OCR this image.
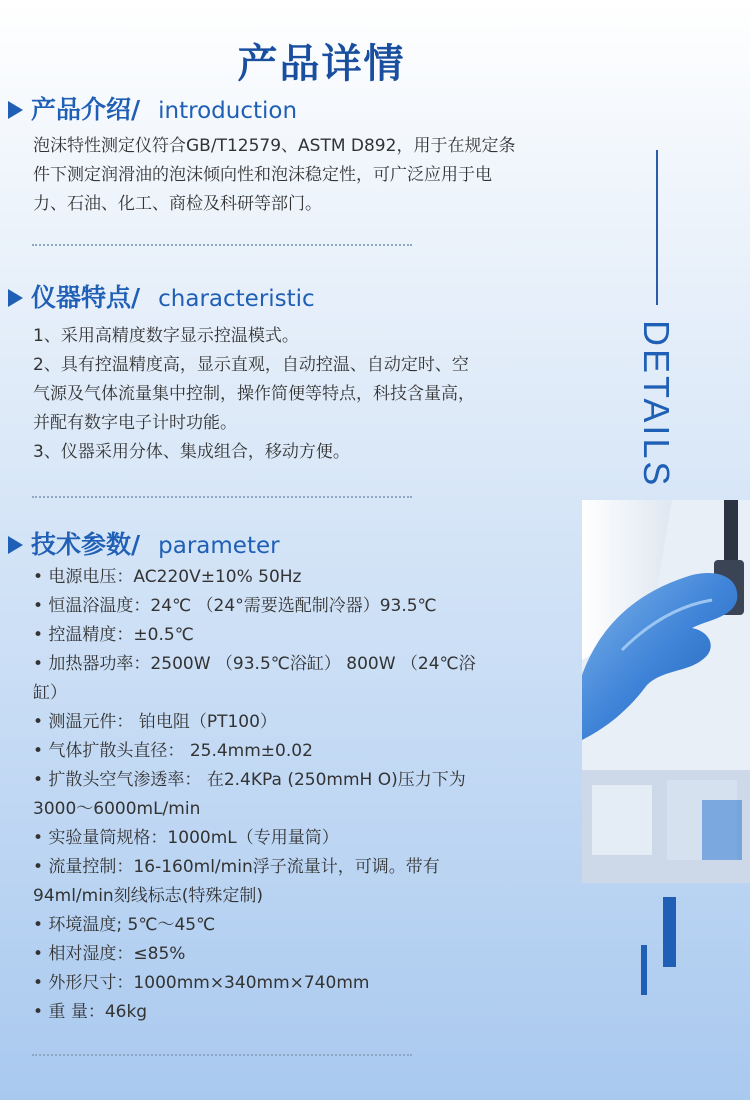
产品详情
产品介绍/ introduction

泡沫特性测定仪符合GB/T12579、ASTM D892，用于在规定条

件下测定润滑油的泡沫倾向性和泡沫稳定性，可广泛应用于电

力、石油、化工、商检及科研等部门。

仪器特点/ characteristic

1、采用高精度数字显示控温模式。

2、具有控温精度高，显示直观，自动控温、自动定时、空

气源及气体流量集中控制，操作简便等特点，科技含量高，

并配有数字电子计时功能。

3、仪器采用分体、集成组合，移动方便。

技术参数/ parameter

• 电源电压：AC220V±10% 50Hz

• 恒温浴温度：24℃ （24°需要选配制冷器）93.5℃

• 控温精度：±0.5℃

• 加热器功率：2500W （93.5℃浴缸） 800W （24℃浴

缸）

• 测温元件： 铂电阻（PT100）

• 气体扩散头直径： 25.4mm±0.02

• 扩散头空气渗透率： 在2.4KPa (250mmH O)压力下为

3000～6000mL/min

• 实验量筒规格：1000mL（专用量筒）

• 流量控制：16-160ml/min浮子流量计，可调。带有

94ml/min刻线标志(特殊定制)

• 环境温度; 5℃～45℃

• 相对湿度：≤85%

• 外形尺寸：1000mm×340mm×740mm

• 重 量：46kg

DETAILS
